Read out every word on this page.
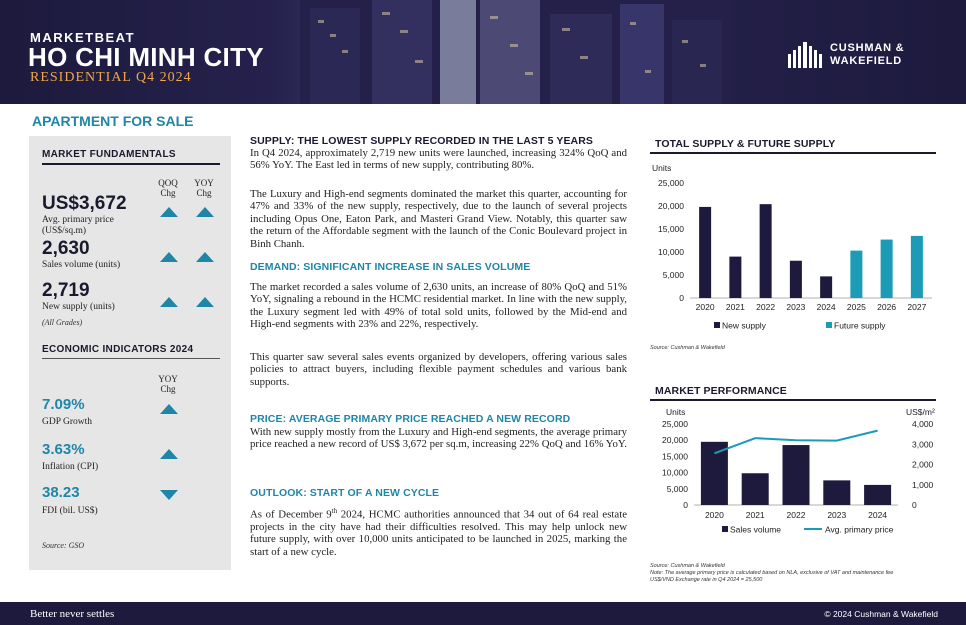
MARKETBEAT
HO CHI MINH CITY
RESIDENTIAL Q4 2024
CUSHMAN &
WAKEFIELD
APARTMENT FOR SALE
MARKET FUNDAMENTALS
QOQ
Chg
YOY
Chg
US$3,672
Avg. primary price
(US$/sq.m)
2,630
Sales volume (units)
2,719
New supply (units)
(All Grades)
ECONOMIC INDICATORS 2024
YOY
Chg
7.09%
GDP Growth
3.63%
Inflation (CPI)
38.23
FDI (bil. US$)
Source: GSO
SUPPLY: THE LOWEST SUPPLY RECORDED IN THE LAST 5 YEARS
In Q4 2024, approximately 2,719 new units were launched, increasing 324% QoQ and 56% YoY. The East led in terms of new supply, contributing 80%.
The Luxury and High-end segments dominated the market this quarter, accounting for 47% and 33% of the new supply, respectively, due to the launch of several projects including Opus One, Eaton Park, and Masteri Grand View. Notably, this quarter saw the return of the Affordable segment with the launch of the Conic Boulevard project in Binh Chanh.
DEMAND: SIGNIFICANT INCREASE IN SALES VOLUME
The market recorded a sales volume of 2,630 units, an increase of 80% QoQ and 51% YoY, signaling a rebound in the HCMC residential market. In line with the new supply, the Luxury segment led with 49% of total sold units, followed by the Mid-end and High-end segments with 23% and 22%, respectively.
This quarter saw several sales events organized by developers, offering various sales policies to attract buyers, including flexible payment schedules and various bank supports.
PRICE: AVERAGE PRIMARY PRICE REACHED A NEW RECORD
With new supply mostly from the Luxury and High-end segments, the average primary price reached a new record of US$ 3,672 per sq.m, increasing 22% QoQ and 16% YoY.
OUTLOOK: START OF A NEW CYCLE
As of December 9th 2024, HCMC authorities announced that 34 out of 64 real estate projects in the city have had their difficulties resolved. This may help unlock new future supply, with over 10,000 units anticipated to be launched in 2025, marking the start of a new cycle.
TOTAL SUPPLY & FUTURE SUPPLY
Units
25,000
20,000
15,000
10,000
5,000
0
2020 2021 2022 2023 2024 2025 2026 2027
New supply	Future supply
Source: Cushman & Wakefield
MARKET PERFORMANCE
Units	US$/m²
25,000
20,000
15,000
10,000
5,000
0
4,000
3,000
2,000
1,000
0
2020	2021	2022	2023	2024
Sales volume	Avg. primary price
Source: Cushman & Wakefield
Note: The average primary price is calculated based on NLA, exclusive of VAT and maintenance fee
US$/VND Exchange rate in Q4 2024 = 25,500
Better never settles	© 2024 Cushman & Wakefield
